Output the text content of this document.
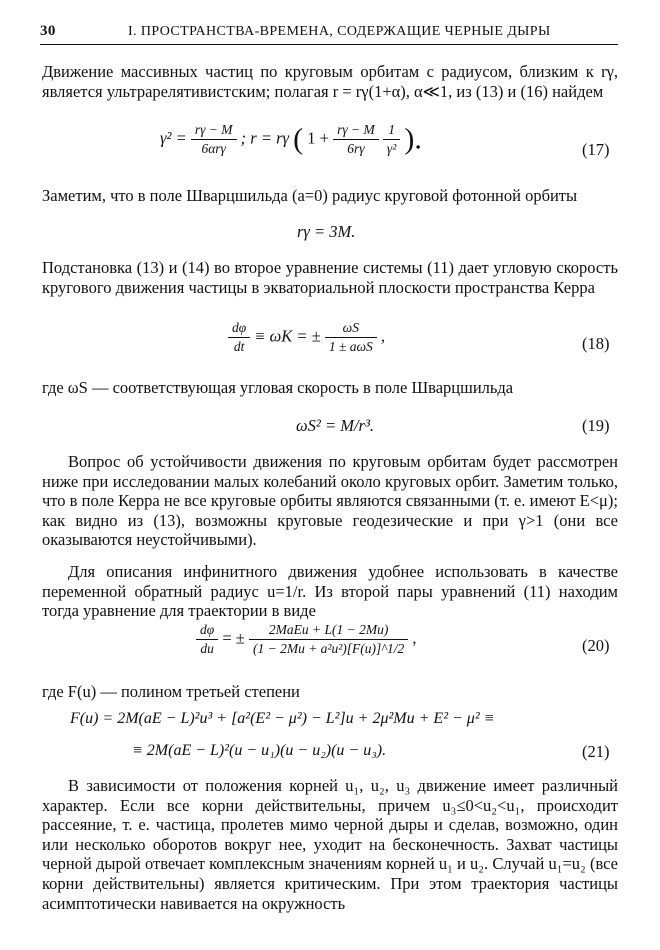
30	I. ПРОСТРАНСТВА-ВРЕМЕНА, СОДЕРЖАЩИЕ ЧЕРНЫЕ ДЫРЫ
Движение массивных частиц по круговым орбитам с радиусом, близким к rγ, является ультрарелятивистским; полагая r = rγ(1+α), α≪1, из (13) и (16) найдем
$\gamma^2 = \frac{r\gamma - M}{\text{6αrγ}}$ ; r = rγ ( $1 + \frac{r\gamma - M}{6r\gamma}$
$\frac{1}{\text{γ²}}$ ).	(17)
Заметим, что в поле Шварцшильда (a=0) радиус круговой фотонной орбиты
rγ = 3M.
Подстановка (13) и (14) во второе уравнение системы (11) дает угловую скорость кругового движения частицы в экваториальной плоскости пространства Керра
$\frac{d\varphi}{dt} \equiv \omega K$ = ± $\frac{\omega S}{\text{1 ± aωS}}$ ,	(18)
где ωS — соответствующая угловая скорость в поле Шварцшильда
ωS² = M/r³.	(19)
Вопрос об устойчивости движения по круговым орбитам будет рассмотрен ниже при исследовании малых колебаний около круговых орбит. Заметим только, что в поле Керра не все круговые орбиты являются связанными (т. е. имеют E<μ); как видно из (13), возможны круговые геодезические и при γ>1 (они все оказываются неустойчивыми).
Для описания инфинитного движения удобнее использовать в качестве переменной обратный радиус u=1/r. Из второй пары уравнений (11) находим тогда уравнение для траектории в виде
$\frac{d\varphi}{du}$ = ± $\frac{\text{2MaEu + L(1 − 2Mu)}}{\text{(1 − 2Mu + a²u²)[F(u)]\textasciicircum{}1/2}}$ ,	(20)
где F(u) — полином третьей степени
F(u) = 2M(aE − L)²u³ + [a²(E² − μ²) − L²]u + 2μ²Mu + E² − μ² ≡
≡ 2M(aE − L)²(u − u₁)(u − u₂)(u − u₃).	(21)
В зависимости от положения корней u₁, u₂, u₃ движение имеет различный характер. Если все корни действительны, причем u₃≤0<u₂<u₁, происходит рассеяние, т. е. частица, пролетев мимо черной дыры и сделав, возможно, один или несколько оборотов вокруг нее, уходит на бесконечность. Захват частицы черной дырой отвечает комплексным значениям корней u₁ и u₂. Случай u₁=u₂ (все корни действительны) является критическим. При этом траектория частицы асимптотически навивается на окружность
